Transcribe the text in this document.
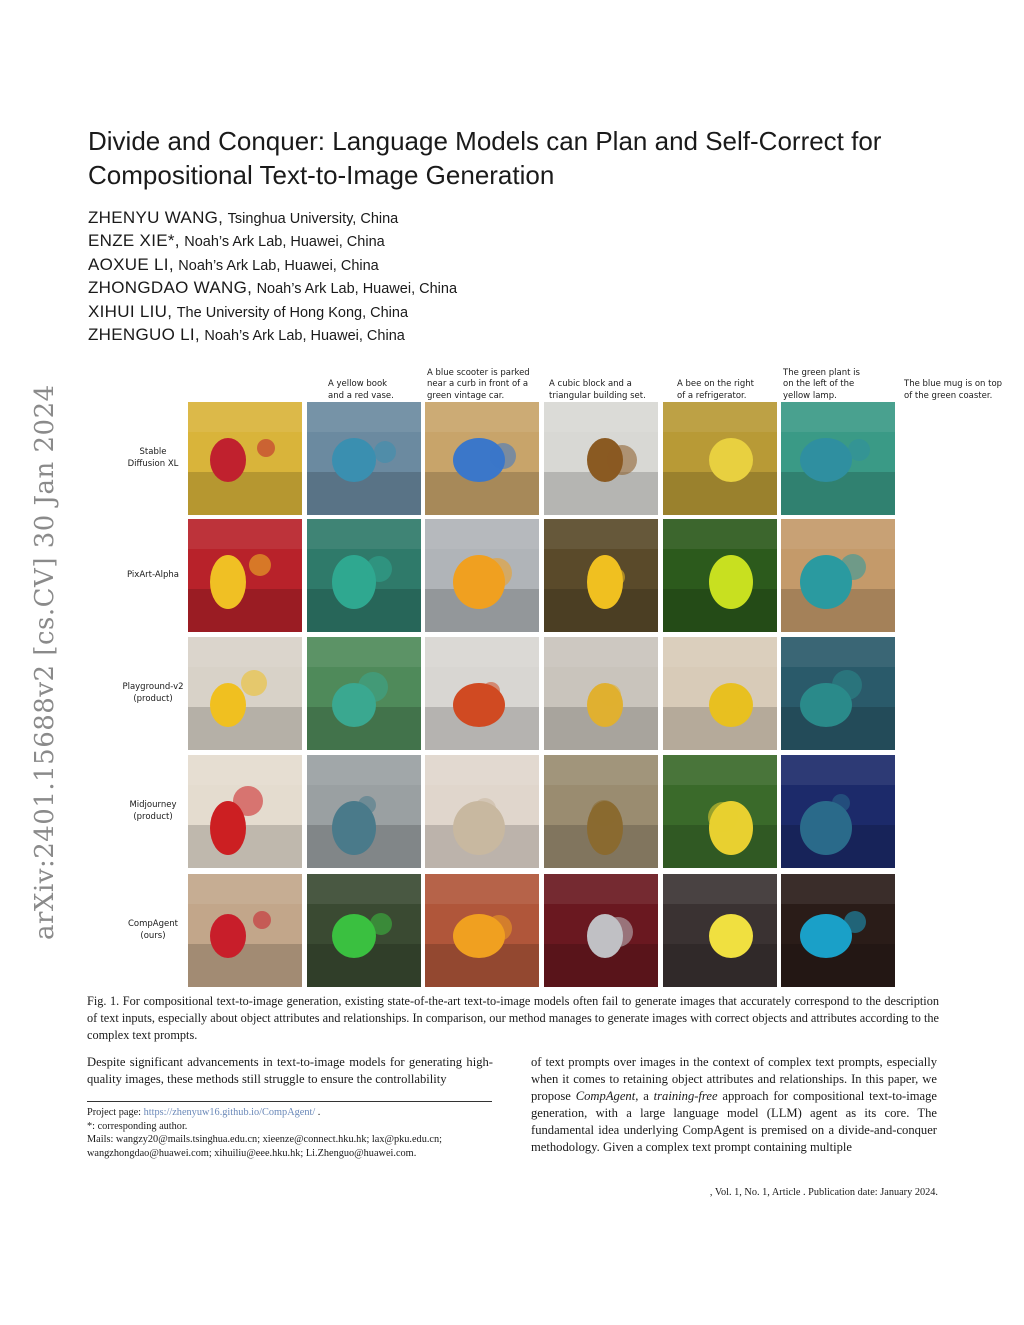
arXiv:2401.15688v2 [cs.CV] 30 Jan 2024
Divide and Conquer: Language Models can Plan and Self-Correct for
Compositional Text-to-Image Generation
ZHENYU WANG, Tsinghua University, China
ENZE XIE*, Noah’s Ark Lab, Huawei, China
AOXUE LI, Noah’s Ark Lab, Huawei, China
ZHONGDAO WANG, Noah’s Ark Lab, Huawei, China
XIHUI LIU, The University of Hong Kong, China
ZHENGUO LI, Noah’s Ark Lab, Huawei, China
A yellow book
and a red vase.
A blue scooter is parked
near a curb in front of a
green vintage car.
A cubic block and a
triangular building set.
A bee on the right
of a refrigerator.
The green plant is
on the left of the
yellow lamp.
The blue mug is on top
of the green coaster.
Stable
Diffusion XL
PixArt-Alpha
Playground-v2
(product)
Midjourney
(product)
CompAgent
(ours)
Fig. 1. For compositional text-to-image generation, existing state-of-the-art text-to-image models often fail to generate images that accurately correspond to the description of text inputs, especially about object attributes and relationships. In comparison, our method manages to generate images with correct objects and attributes according to the complex text prompts.
Despite significant advancements in text-to-image models for generating high-quality images, these methods still struggle to ensure the controllability
of text prompts over images in the context of complex text prompts, especially when it comes to retaining object attributes and relationships. In this paper, we propose CompAgent, a training-free approach for compositional text-to-image generation, with a large language model (LLM) agent as its core. The fundamental idea underlying CompAgent is premised on a divide-and-conquer methodology. Given a complex text prompt containing multiple
Project page: https://zhenyuw16.github.io/CompAgent/ .
*: corresponding author.
Mails: wangzy20@mails.tsinghua.edu.cn; xieenze@connect.hku.hk; lax@pku.edu.cn; wangzhongdao@huawei.com; xihuiliu@eee.hku.hk; Li.Zhenguo@huawei.com.
, Vol. 1, No. 1, Article . Publication date: January 2024.
